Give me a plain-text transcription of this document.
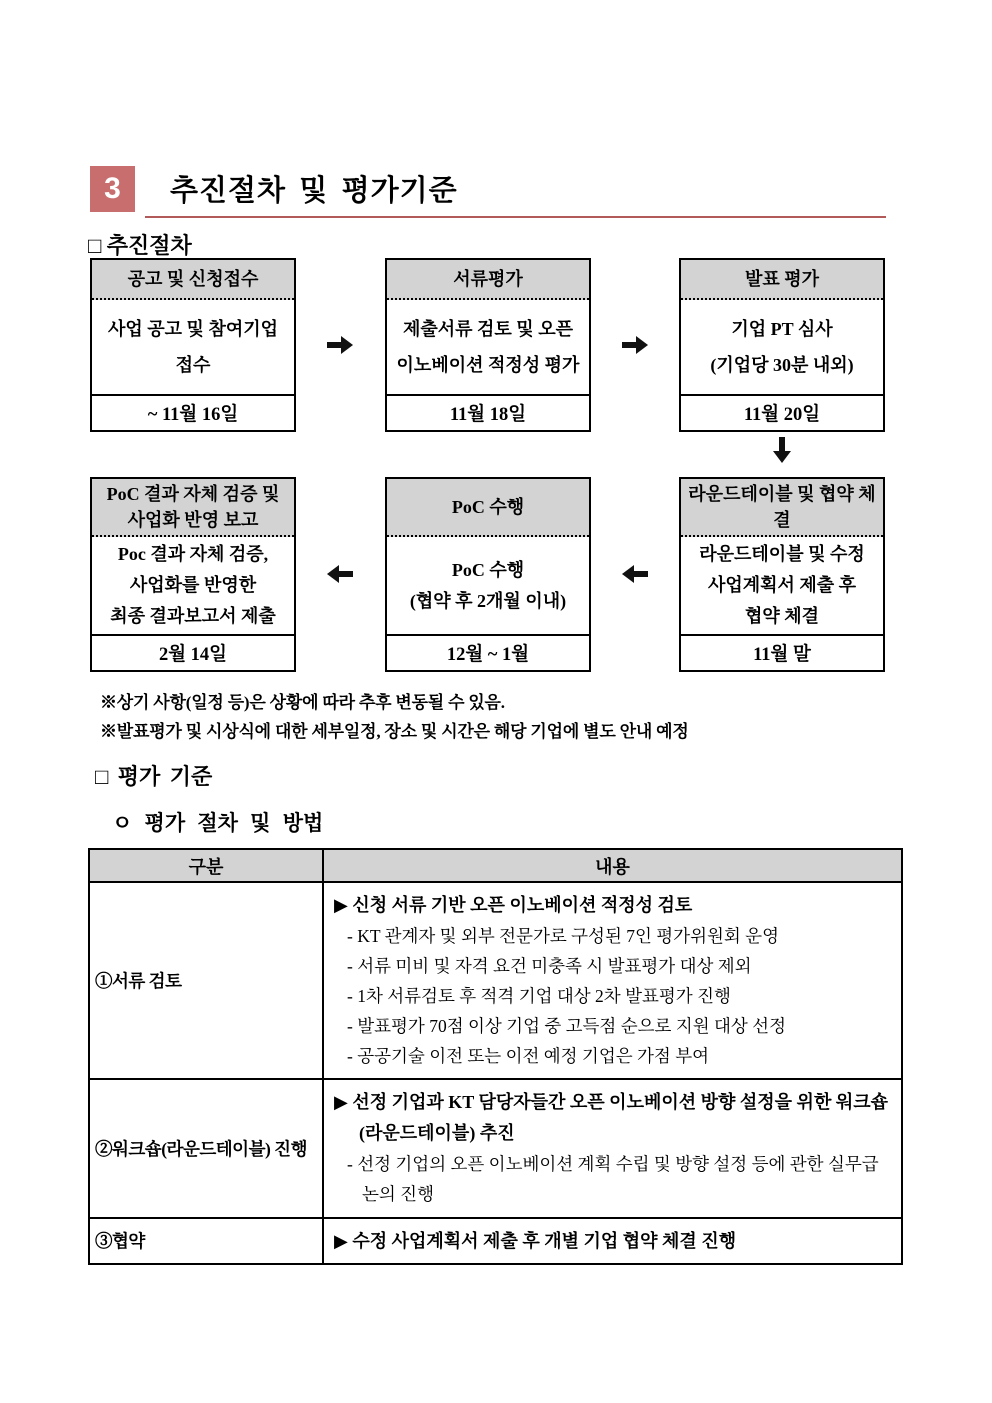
3	추진절차 및 평가기준
□ 추진절차
공고 및 신청접수
사업 공고 및 참여기업
접수
~ 11월 16일
서류평가
제출서류 검토 및 오픈
이노베이션 적정성 평가
11월 18일
발표 평가
기업 PT 심사
(기업당 30분 내외)
11월 20일
PoC 결과 자체 검증 및
사업화 반영 보고
Poc 결과 자체 검증,
사업화를 반영한
최종 결과보고서 제출
2월 14일
PoC 수행
PoC 수행
(협약 후 2개월 이내)
12월 ~ 1월
라운드테이블 및 협약 체결
라운드테이블 및 수정
사업계획서 제출 후
협약 체결
11월 말
※상기 사항(일정 등)은 상황에 따라 추후 변동될 수 있음.
※발표평가 및 시상식에 대한 세부일정, 장소 및 시간은 해당 기업에 별도 안내 예정
□ 평가 기준
ㅇ 평가 절차 및 방법
구분	내용
①서류 검토	
▶ 신청 서류 기반 오픈 이노베이션 적정성 검토
- KT 관계자 및 외부 전문가로 구성된 7인 평가위원회 운영
- 서류 미비 및 자격 요건 미충족 시 발표평가 대상 제외
- 1차 서류검토 후 적격 기업 대상 2차 발표평가 진행
- 발표평가 70점 이상 기업 중 고득점 순으로 지원 대상 선정
- 공공기술 이전 또는 이전 예정 기업은 가점 부여

②워크숍(라운드테이블) 진행	▶ 선정 기업과 KT 담당자들간 오픈 이노베이션 방향 설정을 위한 워크숍(라운드테이블) 추진
- 선정 기업의 오픈 이노베이션 계획 수립 및 방향 설정 등에 관한 실무급 논의 진행

③협약	▶ 수정 사업계획서 제출 후 개별 기업 협약 체결 진행
